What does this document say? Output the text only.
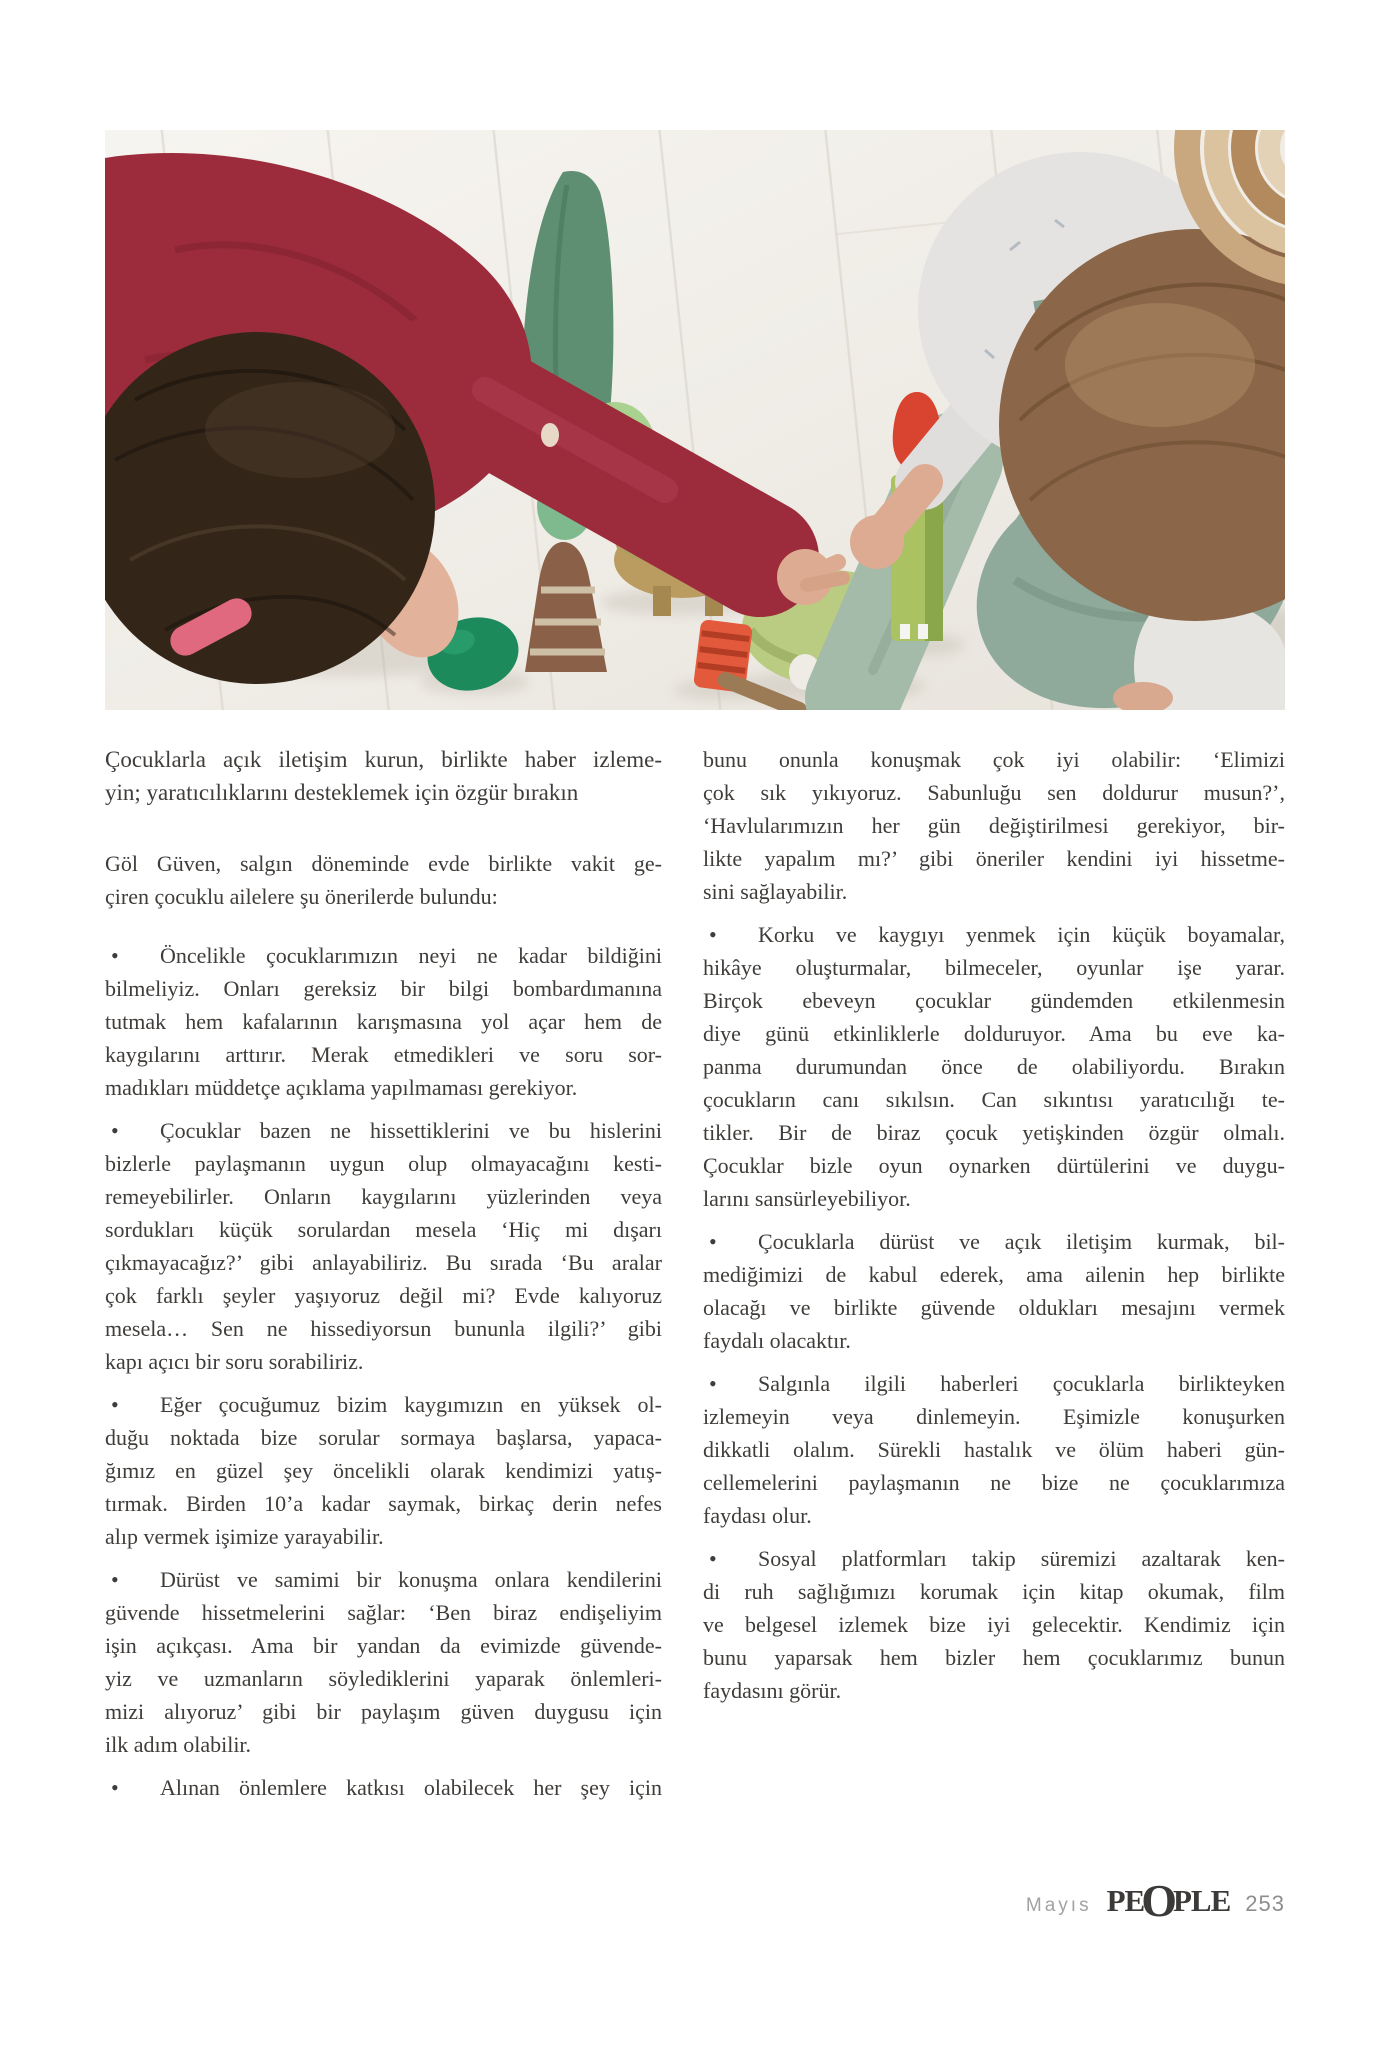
Çocuklarla açık iletişim kurun, birlikte haber izleme-
yin; yaratıcılıklarını desteklemek için özgür bırakın

Göl Güven, salgın döneminde evde birlikte vakit ge-
çiren çocuklu ailelere şu önerilerde bulundu:

•	Öncelikle çocuklarımızın neyi ne kadar bildiğini
bilmeliyiz. Onları gereksiz bir bilgi bombardımanına
tutmak hem kafalarının karışmasına yol açar hem de
kaygılarını arttırır. Merak etmedikleri ve soru sor-
madıkları müddetçe açıklama yapılmaması gerekiyor.
•	Çocuklar bazen ne hissettiklerini ve bu hislerini
bizlerle paylaşmanın uygun olup olmayacağını kesti-
remeyebilirler. Onların kaygılarını yüzlerinden veya
sordukları küçük sorulardan mesela ‘Hiç mi dışarı
çıkmayacağız?’ gibi anlayabiliriz. Bu sırada ‘Bu aralar
çok farklı şeyler yaşıyoruz değil mi? Evde kalıyoruz
mesela… Sen ne hissediyorsun bununla ilgili?’ gibi
kapı açıcı bir soru sorabiliriz.
•	Eğer çocuğumuz bizim kaygımızın en yüksek ol-
duğu noktada bize sorular sormaya başlarsa, yapaca-
ğımız en güzel şey öncelikli olarak kendimizi yatış-
tırmak. Birden 10’a kadar saymak, birkaç derin nefes
alıp vermek işimize yarayabilir.
•	Dürüst ve samimi bir konuşma onlara kendilerini
güvende hissetmelerini sağlar: ‘Ben biraz endişeliyim
işin açıkçası. Ama bir yandan da evimizde güvende-
yiz ve uzmanların söylediklerini yaparak önlemleri-
mizi alıyoruz’ gibi bir paylaşım güven duygusu için
ilk adım olabilir.
•	Alınan önlemlere katkısı olabilecek her şey için

bunu onunla konuşmak çok iyi olabilir: ‘Elimizi
çok sık yıkıyoruz. Sabunluğu sen doldurur musun?’,
‘Havlularımızın her gün değiştirilmesi gerekiyor, bir-
likte yapalım mı?’ gibi öneriler kendini iyi hissetme-
sini sağlayabilir.

•	Korku ve kaygıyı yenmek için küçük boyamalar,
hikâye oluşturmalar, bilmeceler, oyunlar işe yarar.
Birçok ebeveyn çocuklar gündemden etkilenmesin
diye günü etkinliklerle dolduruyor. Ama bu eve ka-
panma durumundan önce de olabiliyordu. Bırakın
çocukların canı sıkılsın. Can sıkıntısı yaratıcılığı te-
tikler. Bir de biraz çocuk yetişkinden özgür olmalı.
Çocuklar bizle oyun oynarken dürtülerini ve duygu-
larını sansürleyebiliyor.
•	Çocuklarla dürüst ve açık iletişim kurmak, bil-
mediğimizi de kabul ederek, ama ailenin hep birlikte
olacağı ve birlikte güvende oldukları mesajını vermek
faydalı olacaktır.
•	Salgınla ilgili haberleri çocuklarla birlikteyken
izlemeyin veya dinlemeyin. Eşimizle konuşurken
dikkatli olalım. Sürekli hastalık ve ölüm haberi gün-
cellemelerini paylaşmanın ne bize ne çocuklarımıza
faydası olur.
•	Sosyal platformları takip süremizi azaltarak ken-
di ruh sağlığımızı korumak için kitap okumak, film
ve belgesel izlemek bize iyi gelecektir. Kendimiz için
bunu yaparsak hem bizler hem çocuklarımız bunun
faydasını görür.
Mayıs PEOPLE 253
